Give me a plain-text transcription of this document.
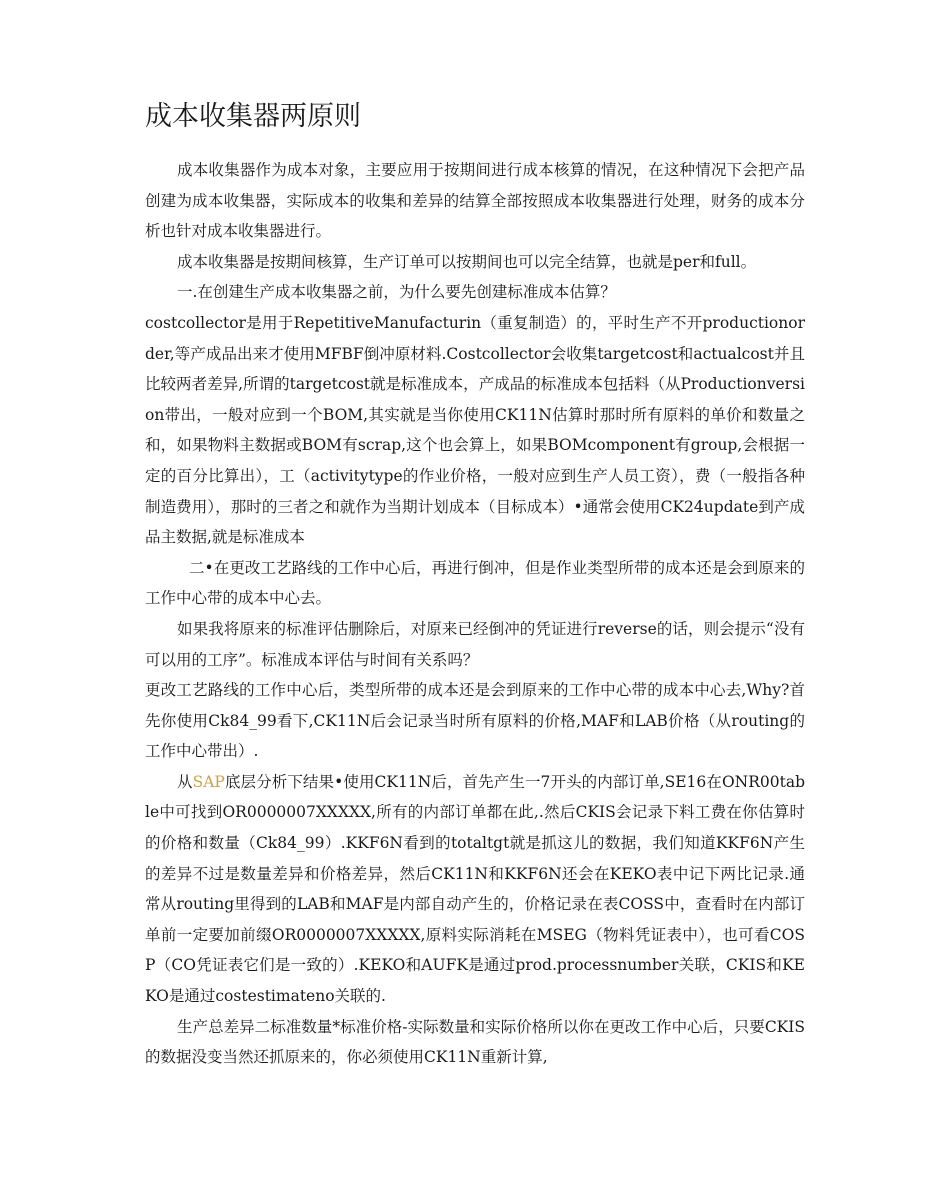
成本收集器两原则

成本收集器作为成本对象，主要应用于按期间进行成本核算的情况，在这种情况下会把产品创建为成本收集器，实际成本的收集和差异的结算全部按照成本收集器进行处理，财务的成本分析也针对成本收集器进行。

成本收集器是按期间核算，生产订单可以按期间也可以完全结算，也就是per和full。

一.在创建生产成本收集器之前，为什么要先创建标准成本估算？

costcollector是用于RepetitiveManufacturin（重复制造）的，平时生产不开productionorder,等产成品出来才使用MFBF倒冲原材料.Costcollector会收集targetcost和actualcost并且比较两者差异,所谓的targetcost就是标准成本，产成品的标准成本包括料（从Productionversion带出，一般对应到一个BOM,其实就是当你使用CK11N估算时那时所有原料的单价和数量之和，如果物料主数据或BOM有scrap,这个也会算上，如果BOMcomponent有group,会根据一定的百分比算出），工（activitytype的作业价格，一般对应到生产人员工资），费（一般指各种制造费用），那时的三者之和就作为当期计划成本（目标成本）•通常会使用CK24update到产成品主数据,就是标准成本

二•在更改工艺路线的工作中心后，再进行倒冲，但是作业类型所带的成本还是会到原来的工作中心带的成本中心去。

如果我将原来的标准评估删除后，对原来已经倒冲的凭证进行reverse的话，则会提示“没有可以用的工序”。标准成本评估与时间有关系吗？

更改工艺路线的工作中心后，类型所带的成本还是会到原来的工作中心带的成本中心去,Why?首先你使用Ck84_99看下,CK11N后会记录当时所有原料的价格,MAF和LAB价格（从routing的工作中心带出）.

从SAP底层分析下结果•使用CK11N后，首先产生一7开头的内部订单,SE16在ONR00table中可找到OR0000007XXXXX,所有的内部订单都在此,.然后CKIS会记录下料工费在你估算时的价格和数量（Ck84_99）.KKF6N看到的totaltgt就是抓这儿的数据，我们知道KKF6N产生的差异不过是数量差异和价格差异，然后CK11N和KKF6N还会在KEKO表中记下两比记录.通常从routing里得到的LAB和MAF是内部自动产生的，价格记录在表COSS中，查看时在内部订单前一定要加前缀OR0000007XXXXX,原料实际消耗在MSEG（物料凭证表中），也可看COSP（CO凭证表它们是一致的）.KEKO和AUFK是通过prod.processnumber关联，CKIS和KEKO是通过costestimateno关联的.

生产总差异二标准数量*标准价格-实际数量和实际价格所以你在更改工作中心后，只要CKIS的数据没变当然还抓原来的，你必须使用CK11N重新计算,
